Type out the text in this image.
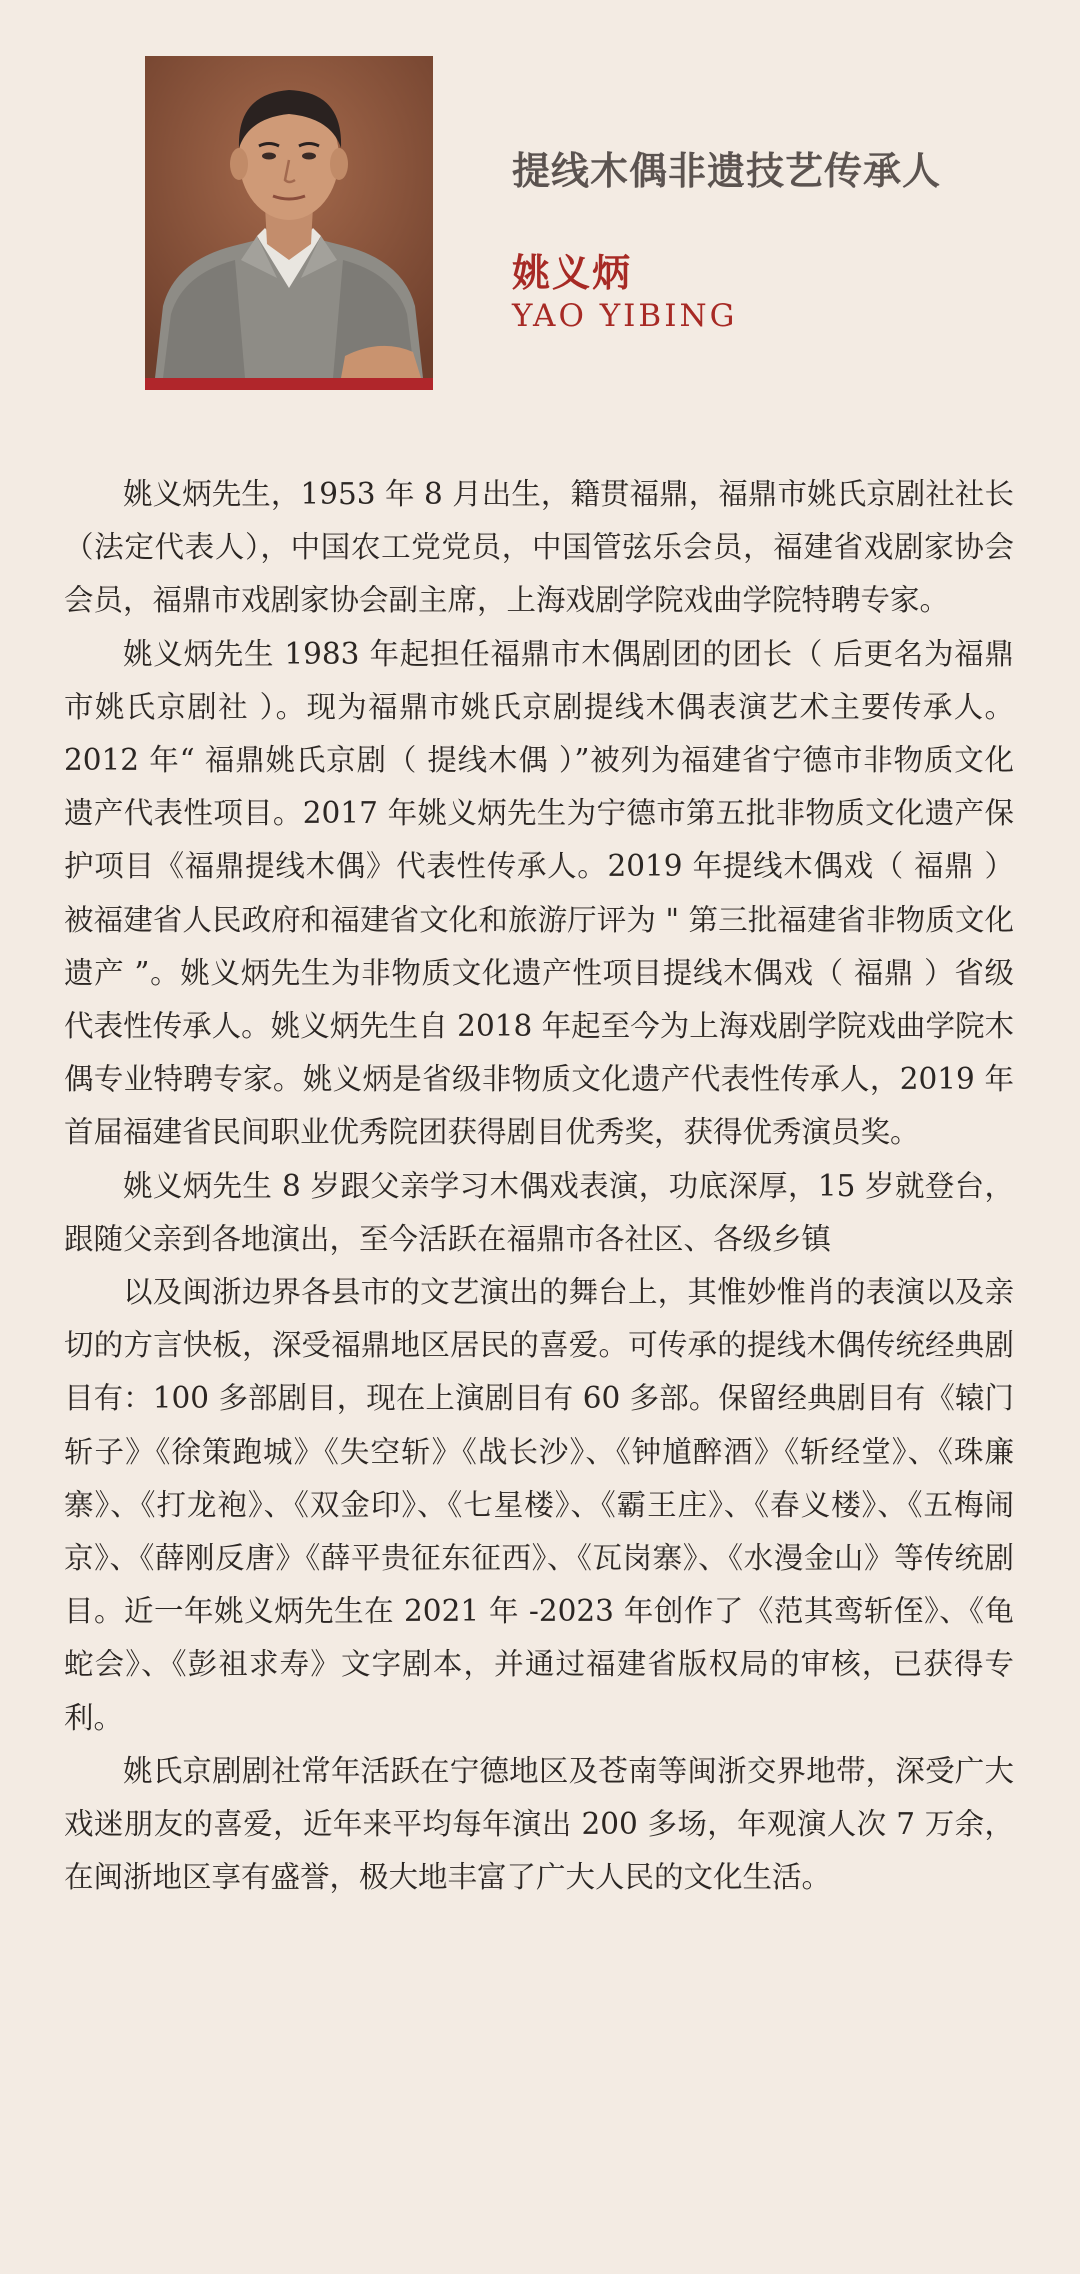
提线木偶非遗技艺传承人
姚义炳
YAO YIBING

姚义炳先生，1953 年 8 月出生，籍贯福鼎，福鼎市姚氏京剧社社长（法定代表人），中国农工党党员，中国管弦乐会员，福建省戏剧家协会会员，福鼎市戏剧家协会副主席，上海戏剧学院戏曲学院特聘专家。

姚义炳先生 1983 年起担任福鼎市木偶剧团的团长（ 后更名为福鼎市姚氏京剧社 ）。现为福鼎市姚氏京剧提线木偶表演艺术主要传承人。2012 年“ 福鼎姚氏京剧（ 提线木偶 ）”被列为福建省宁德市非物质文化遗产代表性项目。2017 年姚义炳先生为宁德市第五批非物质文化遗产保护项目《福鼎提线木偶》代表性传承人。2019 年提线木偶戏（ 福鼎 ）被福建省人民政府和福建省文化和旅游厅评为 " 第三批福建省非物质文化遗产 ”。姚义炳先生为非物质文化遗产性项目提线木偶戏（ 福鼎 ）省级代表性传承人。姚义炳先生自 2018 年起至今为上海戏剧学院戏曲学院木偶专业特聘专家。姚义炳是省级非物质文化遗产代表性传承人，2019 年首届福建省民间职业优秀院团获得剧目优秀奖，获得优秀演员奖。

姚义炳先生 8 岁跟父亲学习木偶戏表演，功底深厚，15 岁就登台，跟随父亲到各地演出，至今活跃在福鼎市各社区、各级乡镇

以及闽浙边界各县市的文艺演出的舞台上，其惟妙惟肖的表演以及亲切的方言快板，深受福鼎地区居民的喜爱。可传承的提线木偶传统经典剧目有：100 多部剧目，现在上演剧目有 60 多部。保留经典剧目有《辕门斩子》《徐策跑城》《失空斩》《战长沙》、《钟馗醉酒》《斩经堂》、《珠廉寨》、《打龙袍》、《双金印》、《七星楼》、《霸王庄》、《春义楼》、《五梅闹京》、《薛刚反唐》《薛平贵征东征西》、《瓦岗寨》、《水漫金山》等传统剧目。近一年姚义炳先生在 2021 年 -2023 年创作了《范其鸾斩侄》、《龟蛇会》、《彭祖求寿》文字剧本，并通过福建省版权局的审核，已获得专利。

姚氏京剧剧社常年活跃在宁德地区及苍南等闽浙交界地带，深受广大戏迷朋友的喜爱，近年来平均每年演出 200 多场，年观演人次 7 万余，在闽浙地区享有盛誉，极大地丰富了广大人民的文化生活。
